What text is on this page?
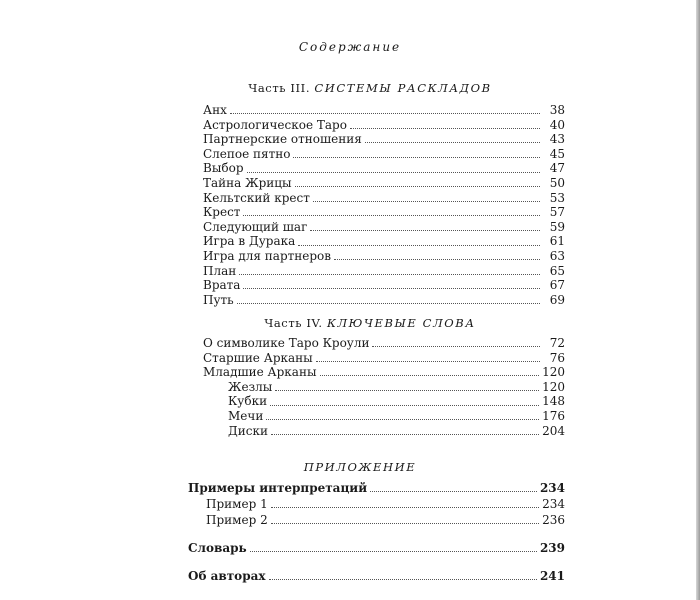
Содержание
Часть III. СИСТЕМЫ РАСКЛАДОВ
Анх	38
Астрологическое Таро	40
Партнерские отношения	43
Слепое пятно	45
Выбор	47
Тайна Жрицы	50
Кельтский крест	53
Крест	57
Следующий шаг	59
Игра в Дурака	61
Игра для партнеров	63
План	65
Врата	67
Путь	69
Часть IV. КЛЮЧЕВЫЕ СЛОВА
О символике Таро Кроули	72
Старшие Арканы	76
Младшие Арканы	120
Жезлы	120
Кубки	148
Мечи	176
Диски	204
ПРИЛОЖЕНИЕ
Примеры интерпретаций	234
Пример 1	234
Пример 2	236
Словарь	239
Об авторах	241
